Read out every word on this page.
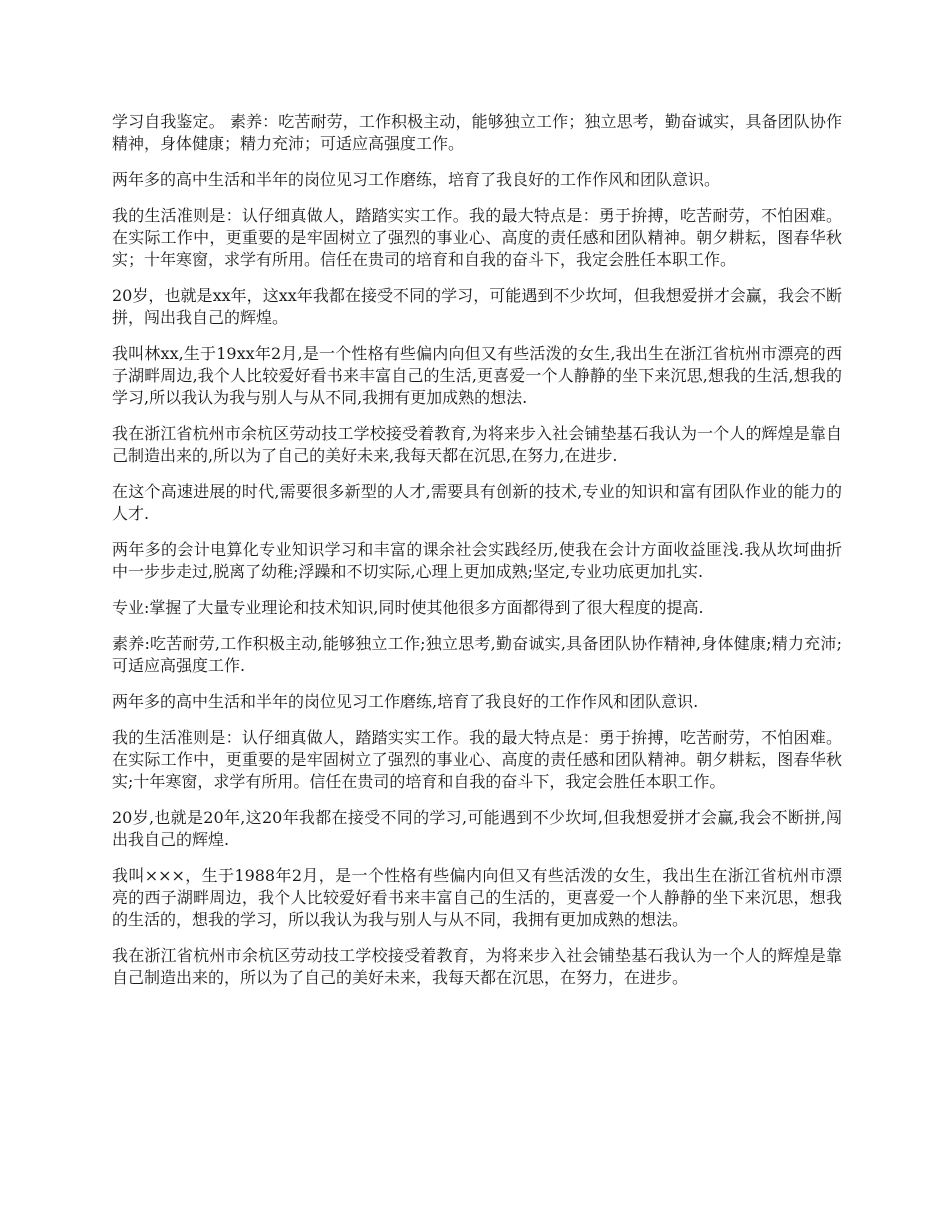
学习自我鉴定。 素养：吃苦耐劳，工作积极主动，能够独立工作；独立思考，勤奋诚实，具备团队协作精神，身体健康；精力充沛；可适应高强度工作。

两年多的高中生活和半年的岗位见习工作磨练，培育了我良好的工作作风和团队意识。

我的生活准则是：认仔细真做人，踏踏实实工作。我的最大特点是：勇于拚搏，吃苦耐劳，不怕困难。在实际工作中，更重要的是牢固树立了强烈的事业心、高度的责任感和团队精神。朝夕耕耘，图春华秋实；十年寒窗，求学有所用。信任在贵司的培育和自我的奋斗下，我定会胜任本职工作。

20岁，也就是xx年，这xx年我都在接受不同的学习，可能遇到不少坎坷，但我想爱拼才会赢，我会不断拼，闯出我自己的辉煌。

我叫林xx,生于19xx年2月,是一个性格有些偏内向但又有些活泼的女生,我出生在浙江省杭州市漂亮的西子湖畔周边,我个人比较爱好看书来丰富自己的生活,更喜爱一个人静静的坐下来沉思,想我的生活,想我的学习,所以我认为我与别人与从不同,我拥有更加成熟的想法.

我在浙江省杭州市余杭区劳动技工学校接受着教育,为将来步入社会铺垫基石我认为一个人的辉煌是靠自己制造出来的,所以为了自己的美好未来,我每天都在沉思,在努力,在进步.

在这个高速进展的时代,需要很多新型的人才,需要具有创新的技术,专业的知识和富有团队作业的能力的人才.

两年多的会计电算化专业知识学习和丰富的课余社会实践经历,使我在会计方面收益匪浅.我从坎坷曲折中一步步走过,脱离了幼稚;浮躁和不切实际,心理上更加成熟;坚定,专业功底更加扎实.

专业:掌握了大量专业理论和技术知识,同时使其他很多方面都得到了很大程度的提高.

素养:吃苦耐劳,工作积极主动,能够独立工作;独立思考,勤奋诚实,具备团队协作精神,身体健康;精力充沛;可适应高强度工作.

两年多的高中生活和半年的岗位见习工作磨练,培育了我良好的工作作风和团队意识.

我的生活准则是：认仔细真做人，踏踏实实工作。我的最大特点是：勇于拚搏，吃苦耐劳，不怕困难。在实际工作中，更重要的是牢固树立了强烈的事业心、高度的责任感和团队精神。朝夕耕耘，图春华秋实;十年寒窗，求学有所用。信任在贵司的培育和自我的奋斗下，我定会胜任本职工作。

20岁,也就是20年,这20年我都在接受不同的学习,可能遇到不少坎坷,但我想爱拼才会赢,我会不断拼,闯出我自己的辉煌.

我叫×××，生于1988年2月，是一个性格有些偏内向但又有些活泼的女生，我出生在浙江省杭州市漂亮的西子湖畔周边，我个人比较爱好看书来丰富自己的生活的，更喜爱一个人静静的坐下来沉思，想我的生活的，想我的学习，所以我认为我与别人与从不同，我拥有更加成熟的想法。

我在浙江省杭州市余杭区劳动技工学校接受着教育，为将来步入社会铺垫基石我认为一个人的辉煌是靠自己制造出来的，所以为了自己的美好未来，我每天都在沉思，在努力，在进步。
